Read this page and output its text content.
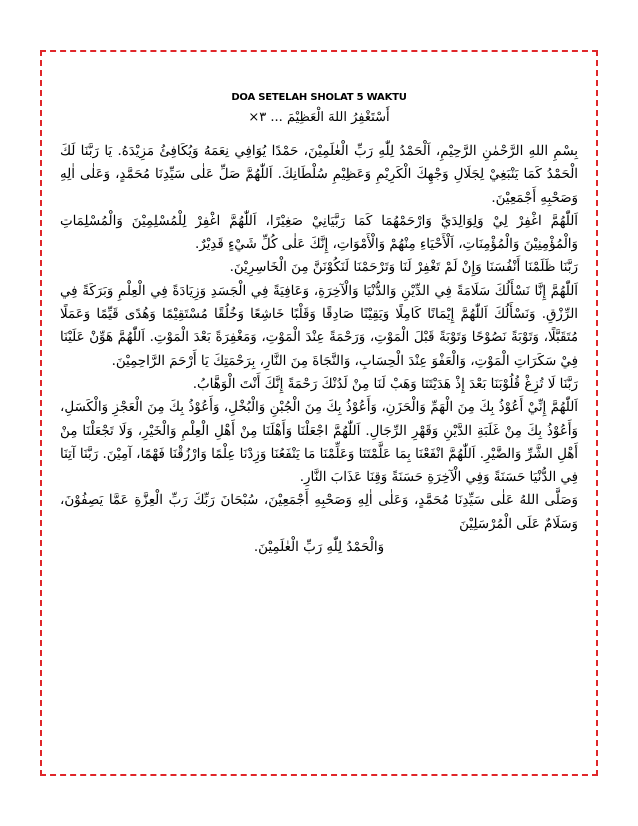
DOA SETELAH SHOLAT 5 WAKTU
أَسْتَغْفِرُ اللهَ الْعَظِيْمَ ... ٣×

بِسْمِ اللهِ الرَّحْمٰنِ الرَّحِيْمِ، اَلْحَمْدُ لِلّٰهِ رَبِّ الْعٰلَمِيْنَ، حَمْدًا يُوَافِي نِعَمَهُ وَيُكَافِئُ مَزِيْدَهُ. يَا رَبَّنَا لَكَ الْحَمْدُ كَمَا يَنْبَغِيْ لِجَلَالِ وَجْهِكَ الْكَرِيْمِ وَعَظِيْمِ سُلْطَانِكَ. اَللّٰهُمَّ صَلِّ عَلٰى سَيِّدِنَا مُحَمَّدٍ، وَعَلٰى اٰلِهِ وَصَحْبِهِ أَجْمَعِيْنَ.

اَللّٰهُمَّ اغْفِرْ لِيْ وَلِوَالِدَيَّ وَارْحَمْهُمَا كَمَا رَبَّيَانِيْ صَغِيْرًا، اَللّٰهُمَّ اغْفِرْ لِلْمُسْلِمِيْنَ وَالْمُسْلِمَاتِ وَالْمُؤْمِنِيْنَ وَالْمُؤْمِنَاتِ، اَلْأَحْيَاءِ مِنْهُمْ وَالْأَمْوَاتِ، إِنَّكَ عَلٰى كُلِّ شَيْءٍ قَدِيْرٌ.

رَبَّنَا ظَلَمْنَا أَنْفُسَنَا وَإِنْ لَمْ تَغْفِرْ لَنَا وَتَرْحَمْنَا لَنَكُوْنَنَّ مِنَ الْخَاسِرِيْنَ.

اَللّٰهُمَّ إِنَّا نَسْأَلُكَ سَلَامَةً فِي الدِّيْنِ وَالدُّنْيَا وَالْآخِرَةِ، وَعَافِيَةً فِي الْجَسَدِ وَزِيَادَةً فِي الْعِلْمِ وَبَرَكَةً فِي الرِّزْقِ. وَنَسْأَلُكَ اَللّٰهُمَّ إِيْمَانًا كَامِلًا وَيَقِيْنًا صَادِقًا وَقَلْبًا خَاشِعًا وَخُلُقًا مُسْتَقِيْمًا وَهُدًى قَيِّمًا وَعَمَلًا مُتَقَبَّلًا، وَتَوْبَةً نَصُوْحًا وَتَوْبَةً قَبْلَ الْمَوْتِ، وَرَحْمَةً عِنْدَ الْمَوْتِ، وَمَغْفِرَةً بَعْدَ الْمَوْتِ. اَللّٰهُمَّ هَوِّنْ عَلَيْنَا فِيْ سَكَرَاتِ الْمَوْتِ، وَالْعَفْوَ عِنْدَ الْحِسَابِ، وَالنَّجَاةَ مِنَ النَّارِ، بِرَحْمَتِكَ يَا أَرْحَمَ الرَّاحِمِيْنَ.

رَبَّنَا لَا تُزِغْ قُلُوْبَنَا بَعْدَ إِذْ هَدَيْتَنَا وَهَبْ لَنَا مِنْ لَدُنْكَ رَحْمَةً إِنَّكَ أَنْتَ الْوَهَّابُ.

اَللّٰهُمَّ إِنِّيْ أَعُوْذُ بِكَ مِنَ الْهَمِّ وَالْحَزَنِ، وَأَعُوْذُ بِكَ مِنَ الْجُبْنِ وَالْبُخْلِ، وَأَعُوْذُ بِكَ مِنَ الْعَجْزِ وَالْكَسَلِ، وَأَعُوْذُ بِكَ مِنْ غَلَبَةِ الدَّيْنِ وَقَهْرِ الرِّجَالِ. اَللّٰهُمَّ اجْعَلْنَا وَأَهْلَنَا مِنْ أَهْلِ الْعِلْمِ وَالْخَيْرِ، وَلَا تَجْعَلْنَا مِنْ أَهْلِ الشَّرِّ وَالضَّيْرِ. اَللّٰهُمَّ انْفَعْنَا بِمَا عَلَّمْتَنَا وَعَلِّمْنَا مَا يَنْفَعُنَا وَزِدْنَا عِلْمًا وَارْزُقْنَا فَهْمًا، آمِيْنَ. رَبَّنَا آتِنَا فِي الدُّنْيَا حَسَنَةً وَفِي الْآخِرَةِ حَسَنَةً وَقِنَا عَذَابَ النَّارِ.

وَصَلَّى اللهُ عَلٰى سَيِّدِنَا مُحَمَّدٍ، وَعَلٰى اٰلِهِ وَصَحْبِهِ أَجْمَعِيْنَ، سُبْحَانَ رَبِّكَ رَبِّ الْعِزَّةِ عَمَّا يَصِفُوْنَ، وَسَلَامٌ عَلَى الْمُرْسَلِيْنَ

وَالْحَمْدُ لِلّٰهِ رَبِّ الْعٰلَمِيْنَ.
